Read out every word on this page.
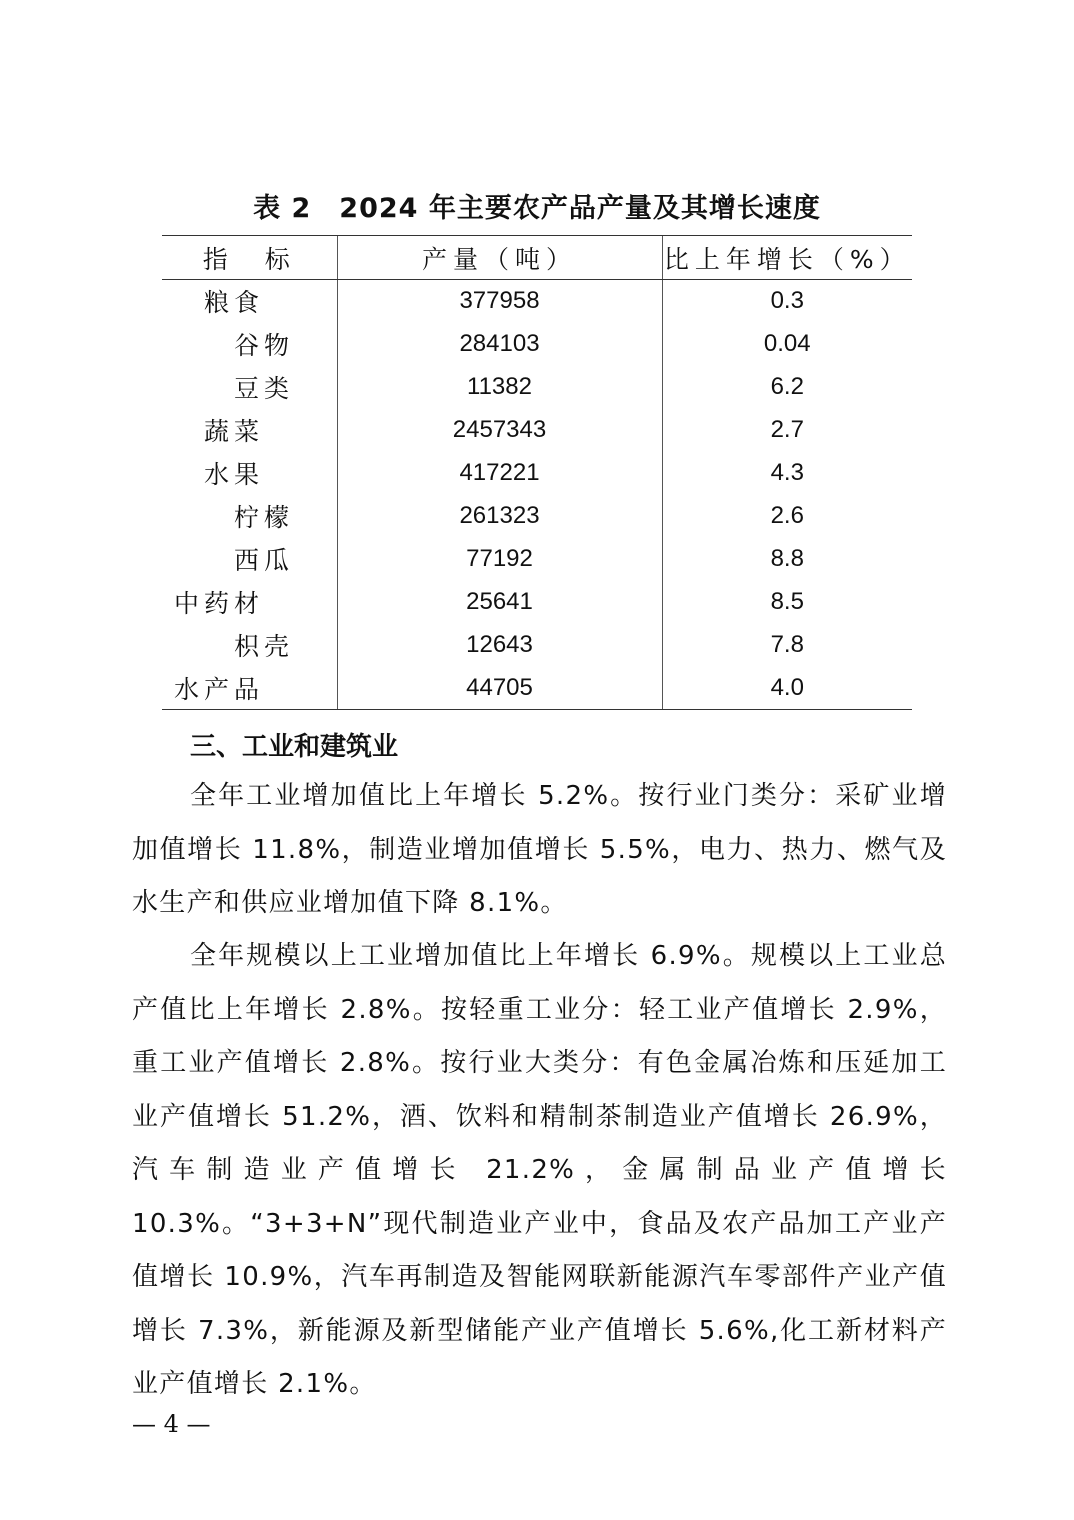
表 2　2024 年主要农产品产量及其增长速度
指　标	产量（吨）	比上年增长（%）
粮食	377958	0.3
谷物	284103	0.04
豆类	11382	6.2
蔬菜	2457343	2.7
水果	417221	4.3
柠檬	261323	2.6
西瓜	77192	8.8
中药材	25641	8.5
枳壳	12643	7.8
水产品	44705	4.0
三、工业和建筑业

全年工业增加值比上年增长 5.2%。按行业门类分：采矿业增加值增长 11.8%，制造业增加值增长 5.5%，电力、热力、燃气及水生产和供应业增加值下降 8.1%。

全年规模以上工业增加值比上年增长 6.9%。规模以上工业总产值比上年增长 2.8%。按轻重工业分：轻工业产值增长 2.9%，重工业产值增长 2.8%。按行业大类分：有色金属冶炼和压延加工业产值增长 51.2%，酒、饮料和精制茶制造业产值增长 26.9%，汽车制造业产值增长 21.2%，金属制品业产值增长 10.3%。“3+3+N”现代制造业产业中，食品及农产品加工产业产值增长 10.9%，汽车再制造及智能网联新能源汽车零部件产业产值增长 7.3%，新能源及新型储能产业产值增长 5.6%,化工新材料产业产值增长 2.1%。

— 4 —
